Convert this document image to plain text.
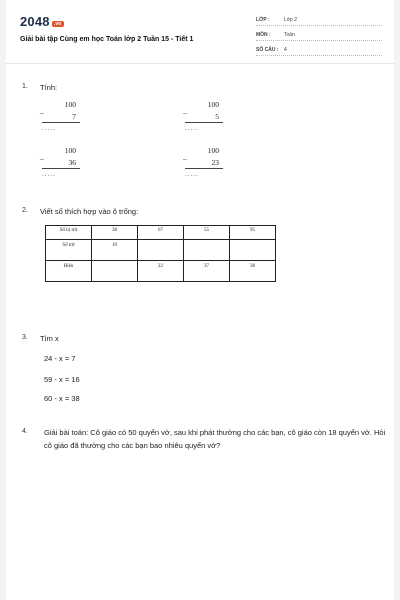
2048 .vn
Giải bài tập Cùng em học Toán lớp 2 Tuần 15 - Tiết 1
LỚP :	Lớp 2
MÔN :	Toán
SỐ CÂU : 4
1. Tính:
_
100
7
.....
_
100
5
.....
_
100
36
.....
_
100
23
.....
2. Viết số thích hợp vào ô trống:
Số bị trừ	38	67	55	95
Số trừ	19			
Hiệu		22	37	38
3. Tìm x
24 - x = 7
59 - x = 16
60 - x = 38
4. Giải bài toán: Cô giáo có 50 quyển vở, sau khi phát thưởng cho các bạn, cô giáo còn 18 quyển vở. Hỏi cô giáo đã thưởng cho các bạn bao nhiêu quyển vở?
